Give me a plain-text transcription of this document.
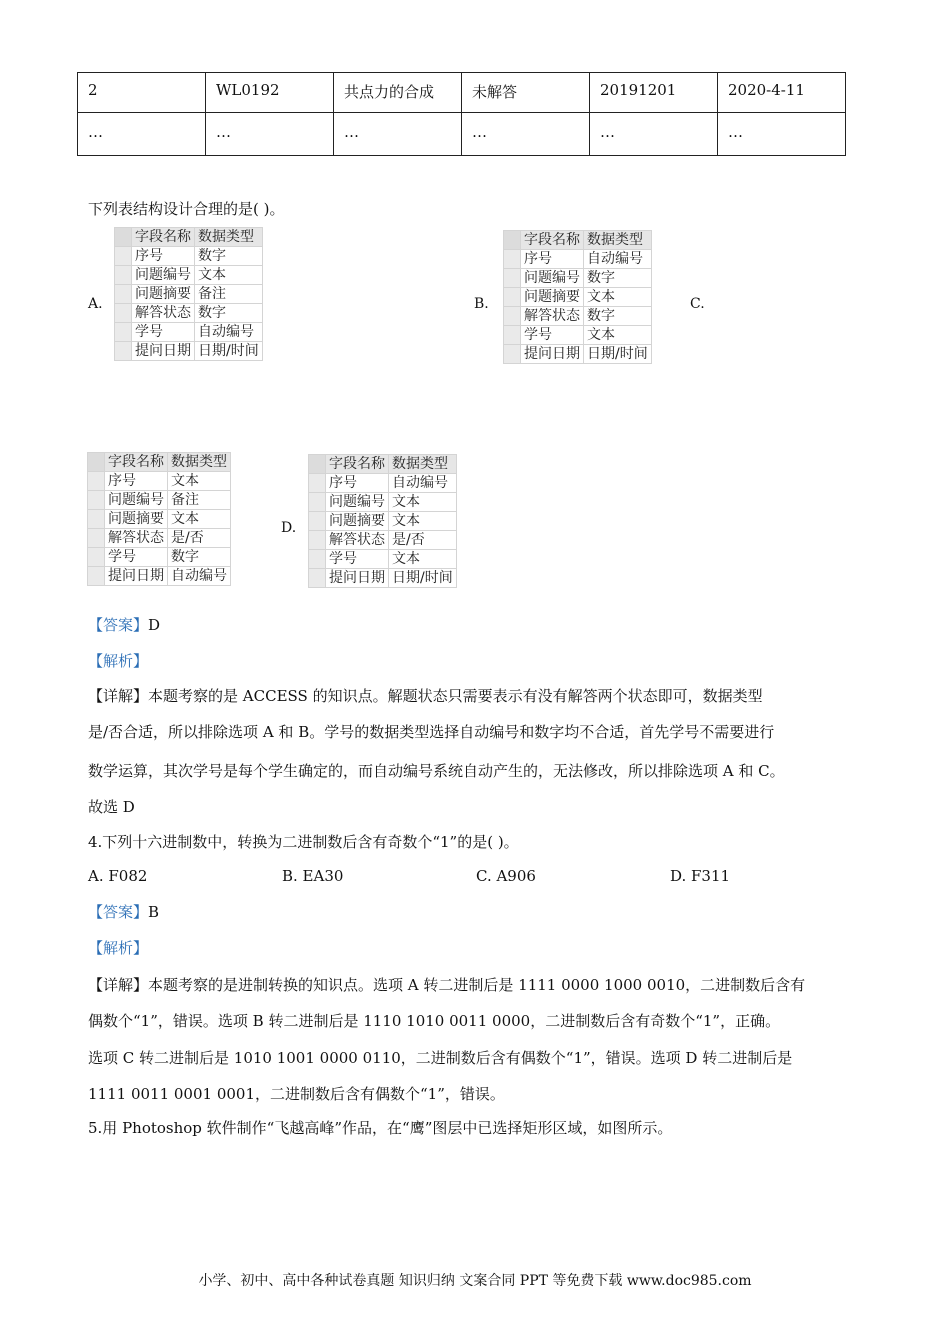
2	WL0192	共点力的合成	未解答	20191201	2020-4-11
…	…	…	…	…	…
下列表结构设计合理的是( )。
A.
	字段名称	数据类型
	序号	数字
	问题编号	文本
	问题摘要	备注
	解答状态	数字
	学号	自动编号
	提问日期	日期/时间
B.
	字段名称	数据类型
	序号	自动编号
	问题编号	数字
	问题摘要	文本
	解答状态	数字
	学号	文本
	提问日期	日期/时间
C.
	字段名称	数据类型
	序号	文本
	问题编号	备注
	问题摘要	文本
	解答状态	是/否
	学号	数字
	提问日期	自动编号
D.
	字段名称	数据类型
	序号	自动编号
	问题编号	文本
	问题摘要	文本
	解答状态	是/否
	学号	文本
	提问日期	日期/时间
【答案】D
【解析】
【详解】本题考察的是 ACCESS 的知识点。解题状态只需要表示有没有解答两个状态即可，数据类型
是/否合适，所以排除选项 A 和 B。学号的数据类型选择自动编号和数字均不合适，首先学号不需要进行
数学运算，其次学号是每个学生确定的，而自动编号系统自动产生的，无法修改，所以排除选项 A 和 C。
故选 D
4.下列十六进制数中，转换为二进制数后含有奇数个“1”的是( )。
A. F082	B. EA30	C. A906	D. F311
【答案】B
【解析】
【详解】本题考察的是进制转换的知识点。选项 A 转二进制后是 1111 0000 1000 0010，二进制数后含有
偶数个“1”，错误。选项 B 转二进制后是 1110 1010 0011 0000，二进制数后含有奇数个“1”，正确。
选项 C 转二进制后是 1010 1001 0000 0110，二进制数后含有偶数个“1”，错误。选项 D 转二进制后是
1111 0011 0001 0001，二进制数后含有偶数个“1”，错误。
5.用 Photoshop 软件制作“飞越高峰”作品，在“鹰”图层中已选择矩形区域，如图所示。
小学、初中、高中各种试卷真题 知识归纳 文案合同 PPT 等免费下载 www.doc985.com
